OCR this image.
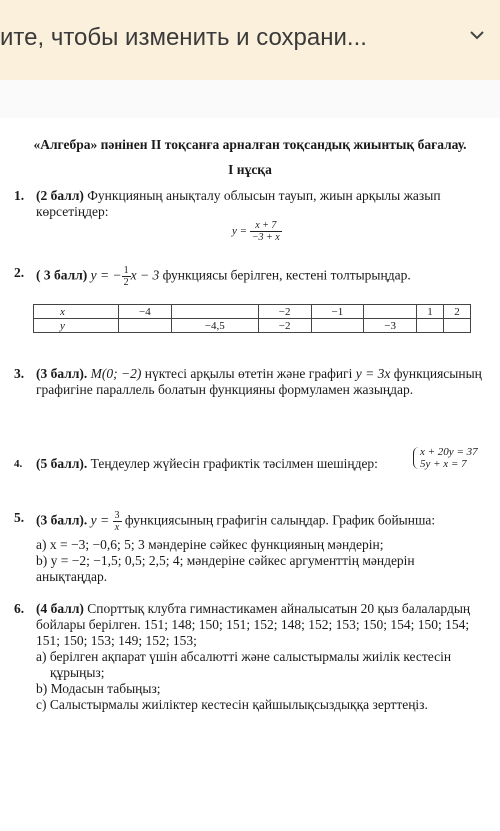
ите, чтобы изменить и сохрани...
«Алгебра» пәнінен II тоқсанға арналған тоқсандық жиынтық бағалау.
I нұсқа
1. (2 балл) Функцияның анықталу облысын тауып, жиын арқылы жазып көрсетіңдер:
$y = \frac{x + 7}{-3 + x}$
2. ( 3 балл) y = − $\frac{1}{2}$ x − 3 функциясы берілген, кестені толтырыңдар.
x	−4		−2	−1		1	2
y		−4,5	−2		−3		
3. (3 балл). M(0; −2) нүктесі арқылы өтетін және графигі y = 3x функциясының графигіне параллель болатын функцияны формуламен жазыңдар.
4. (5 балл). Теңдеулер жүйесін графиктік тәсілмен шешіңдер:
x + 20y = 37
5y + x = 7
5. (3 балл). $y = \frac{3}{x}$ функциясының графигін салыңдар. График бойынша:
a) x = −3; −0,6; 5; 3 мәндеріне сәйкес функцияның мәндерін;
b) y = −2; −1,5; 0,5; 2,5; 4; мәндеріне сәйкес аргументтің мәндерін анықтаңдар.
6. (4 балл) Спорттық клубта гимнастикамен айналысатын 20 қыз балалардың бойлары берілген. 151; 148; 150; 151; 152; 148; 152; 153; 150; 154; 150; 154; 151; 150; 153; 149; 152; 153;
a) берілген ақпарат үшін абсалютті және салыстырмалы жиілік кестесін құрыңыз;
b) Модасын табыңыз;
c) Салыстырмалы жиіліктер кестесін қайшылықсыздыққа зерттеңіз.
